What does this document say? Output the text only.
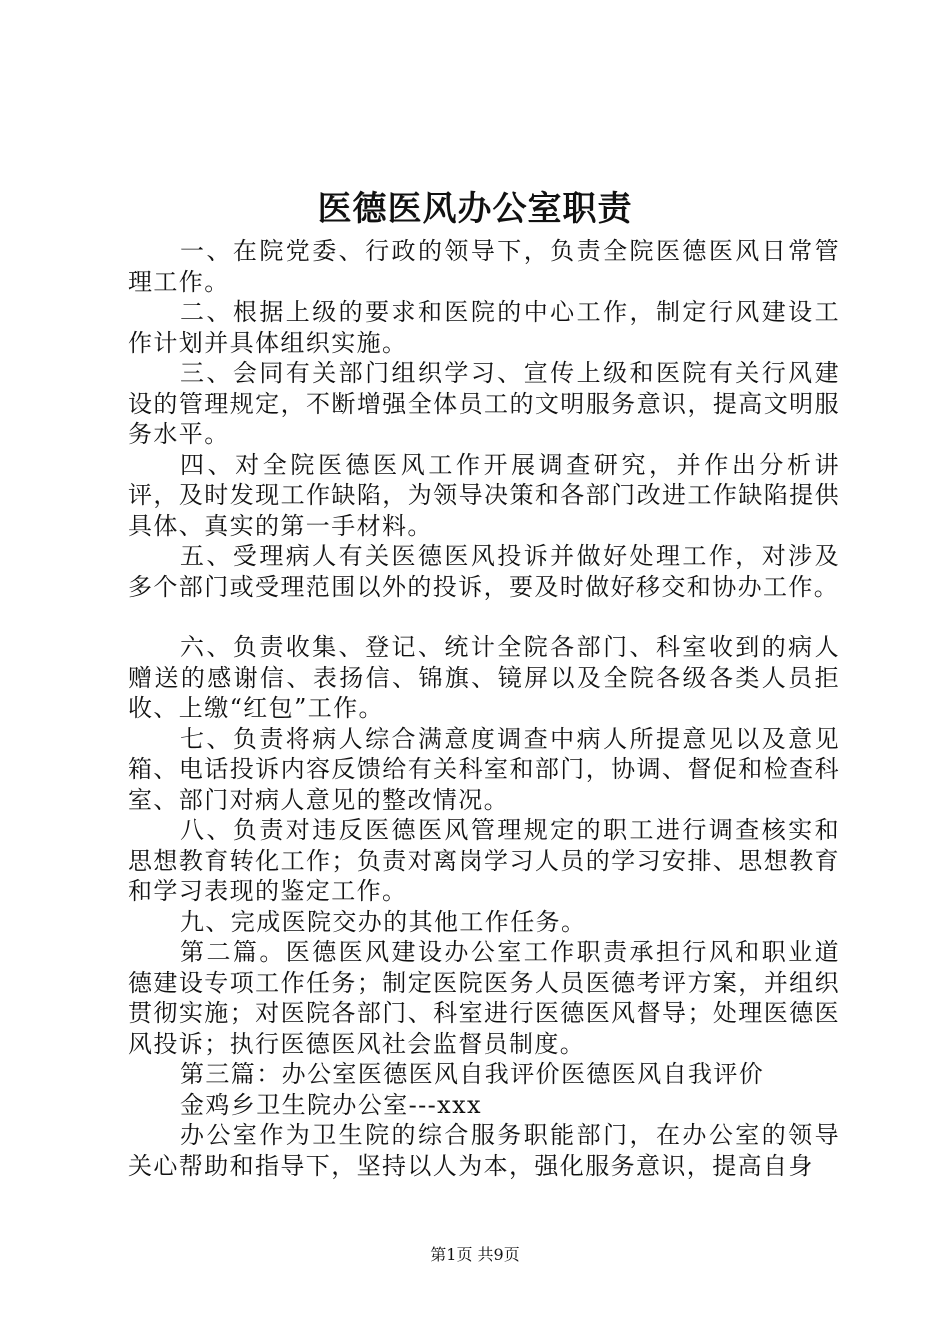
医德医风办公室职责

一、在院党委、行政的领导下，负责全院医德医风日常管理工作。

二、根据上级的要求和医院的中心工作，制定行风建设工作计划并具体组织实施。

三、会同有关部门组织学习、宣传上级和医院有关行风建设的管理规定，不断增强全体员工的文明服务意识，提高文明服务水平。

四、对全院医德医风工作开展调查研究，并作出分析讲评，及时发现工作缺陷，为领导决策和各部门改进工作缺陷提供具体、真实的第一手材料。

五、受理病人有关医德医风投诉并做好处理工作，对涉及多个部门或受理范围以外的投诉，要及时做好移交和协办工作。

六、负责收集、登记、统计全院各部门、科室收到的病人赠送的感谢信、表扬信、锦旗、镜屏以及全院各级各类人员拒收、上缴“红包”工作。

七、负责将病人综合满意度调查中病人所提意见以及意见箱、电话投诉内容反馈给有关科室和部门，协调、督促和检查科室、部门对病人意见的整改情况。

八、负责对违反医德医风管理规定的职工进行调查核实和思想教育转化工作；负责对离岗学习人员的学习安排、思想教育和学习表现的鉴定工作。

九、完成医院交办的其他工作任务。

第二篇。医德医风建设办公室工作职责承担行风和职业道德建设专项工作任务；制定医院医务人员医德考评方案，并组织贯彻实施；对医院各部门、科室进行医德医风督导；处理医德医风投诉；执行医德医风社会监督员制度。

第三篇：办公室医德医风自我评价医德医风自我评价

金鸡乡卫生院办公室---xxx

办公室作为卫生院的综合服务职能部门，在办公室的领导关心帮助和指导下，坚持以人为本，强化服务意识，提高自身

第1页 共9页
